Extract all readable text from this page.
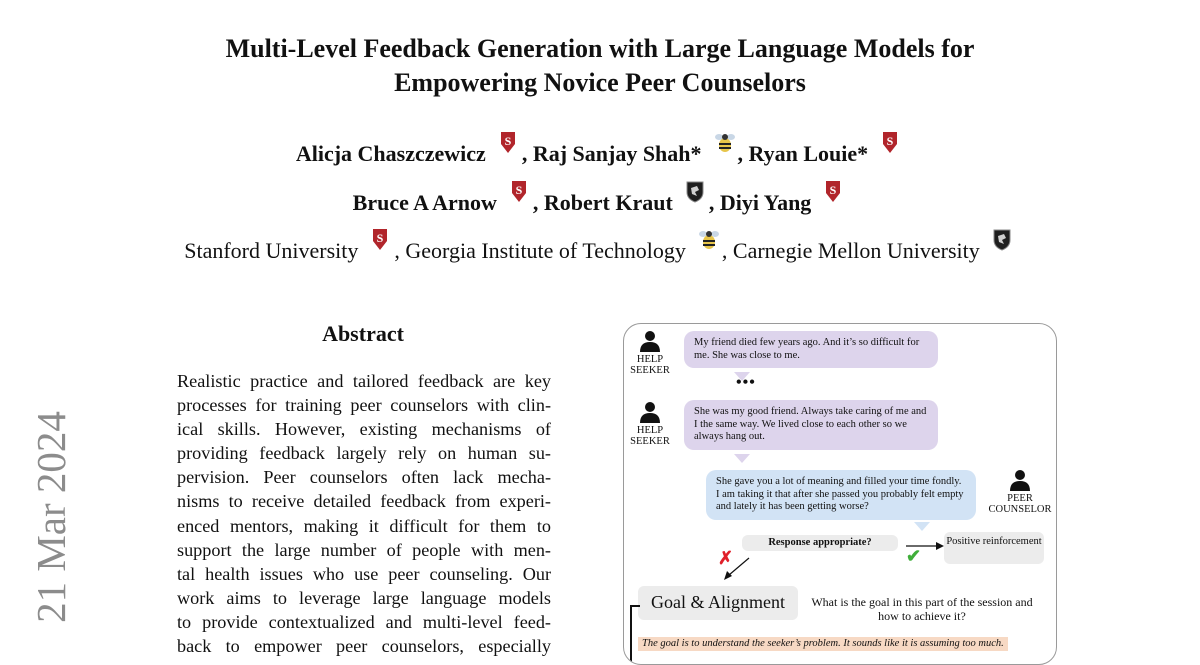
Multi-Level Feedback Generation with Large Language Models for
Empowering Novice Peer Counselors
Alicja Chaszczewicz S , Raj Sanjay Shah* , Ryan Louie* S
Bruce A Arnow S , Robert Kraut , Diyi Yang S
Stanford University S , Georgia Institute of Technology , Carnegie Mellon University
21 Mar 2024
Abstract
Realistic practice and tailored feedback are key
processes for training peer counselors with clin-
ical skills. However, existing mechanisms of
providing feedback largely rely on human su-
pervision. Peer counselors often lack mecha-
nisms to receive detailed feedback from experi-
enced mentors, making it difficult for them to
support the large number of people with men-
tal health issues who use peer counseling. Our
work aims to leverage large language models
to provide contextualized and multi-level feed-
back to empower peer counselors, especially
HELP
SEEKER
My friend died few years ago. And it’s so difficult for me. She was close to me.
•••
HELP
SEEKER
She was my good friend. Always take caring of me and I the same way. We lived close to each other so we always hang out.
She gave you a lot of meaning and filled your time fondly. I am taking it that after she passed you probably felt empty and lately it has been getting worse?
PEER
COUNSELOR
Response appropriate?	Positive reinforcement
✗	✔
Goal & Alignment	What is the goal in this part of the session and how to achieve it?
The goal is to understand the seeker’s problem. It sounds like it is assuming too much.
